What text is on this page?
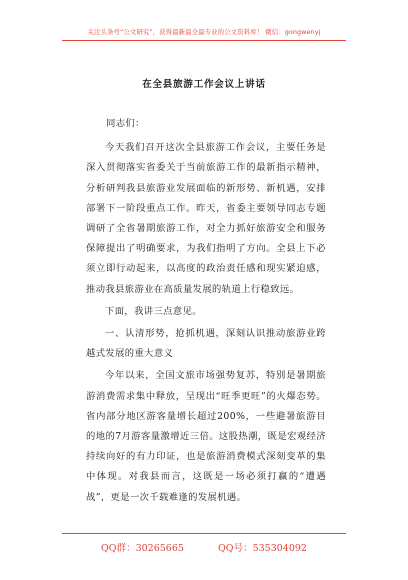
关注头条号“公文研究”，获得最新最全最专业的公文资料库！ 微信：gongwenyj
在全县旅游工作会议上讲话

同志们：

今天我们召开这次全县旅游工作会议，主要任务是深入贯彻落实省委关于当前旅游工作的最新指示精神，分析研判我县旅游业发展面临的新形势、新机遇，安排部署下一阶段重点工作。昨天，省委主要领导同志专题调研了全省暑期旅游工作，对全力抓好旅游安全和服务保障提出了明确要求，为我们指明了方向。全县上下必须立即行动起来，以高度的政治责任感和现实紧迫感，推动我县旅游业在高质量发展的轨道上行稳致远。

下面，我讲三点意见。

一、认清形势，抢抓机遇，深刻认识推动旅游业跨越式发展的重大意义

今年以来，全国文旅市场强势复苏，特别是暑期旅游消费需求集中释放，呈现出“旺季更旺”的火爆态势。省内部分地区游客量增长超过200%，一些避暑旅游目的地的7月游客量激增近三倍。这股热潮，既是宏观经济持续向好的有力印证，也是旅游消费模式深刻变革的集中体现。对我县而言，这既是一场必须打赢的“遭遇战”，更是一次千载难逢的发展机遇。

QQ群：30265665	QQ号：535304092
